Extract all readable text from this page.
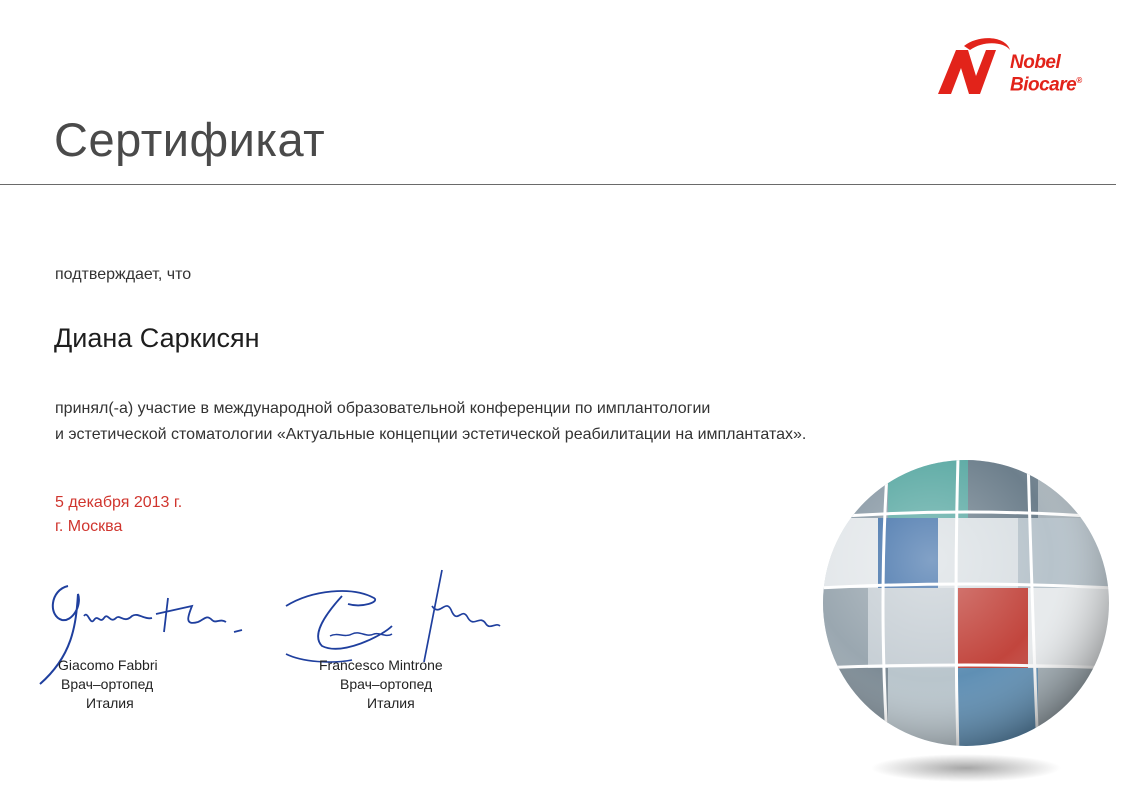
Nobel
Biocare®
Сертификат
подтверждает, что
Диана Саркисян
принял(-а) участие в международной образовательной конференции по имплантологии
и эстетической стоматологии «Актуальные концепции эстетической реабилитации на имплантатах».
5 декабря 2013 г.
г. Москва
Giacomo Fabbri
Врач–ортопед
Италия
Francesco Mintrone
Врач–ортопед
Италия
